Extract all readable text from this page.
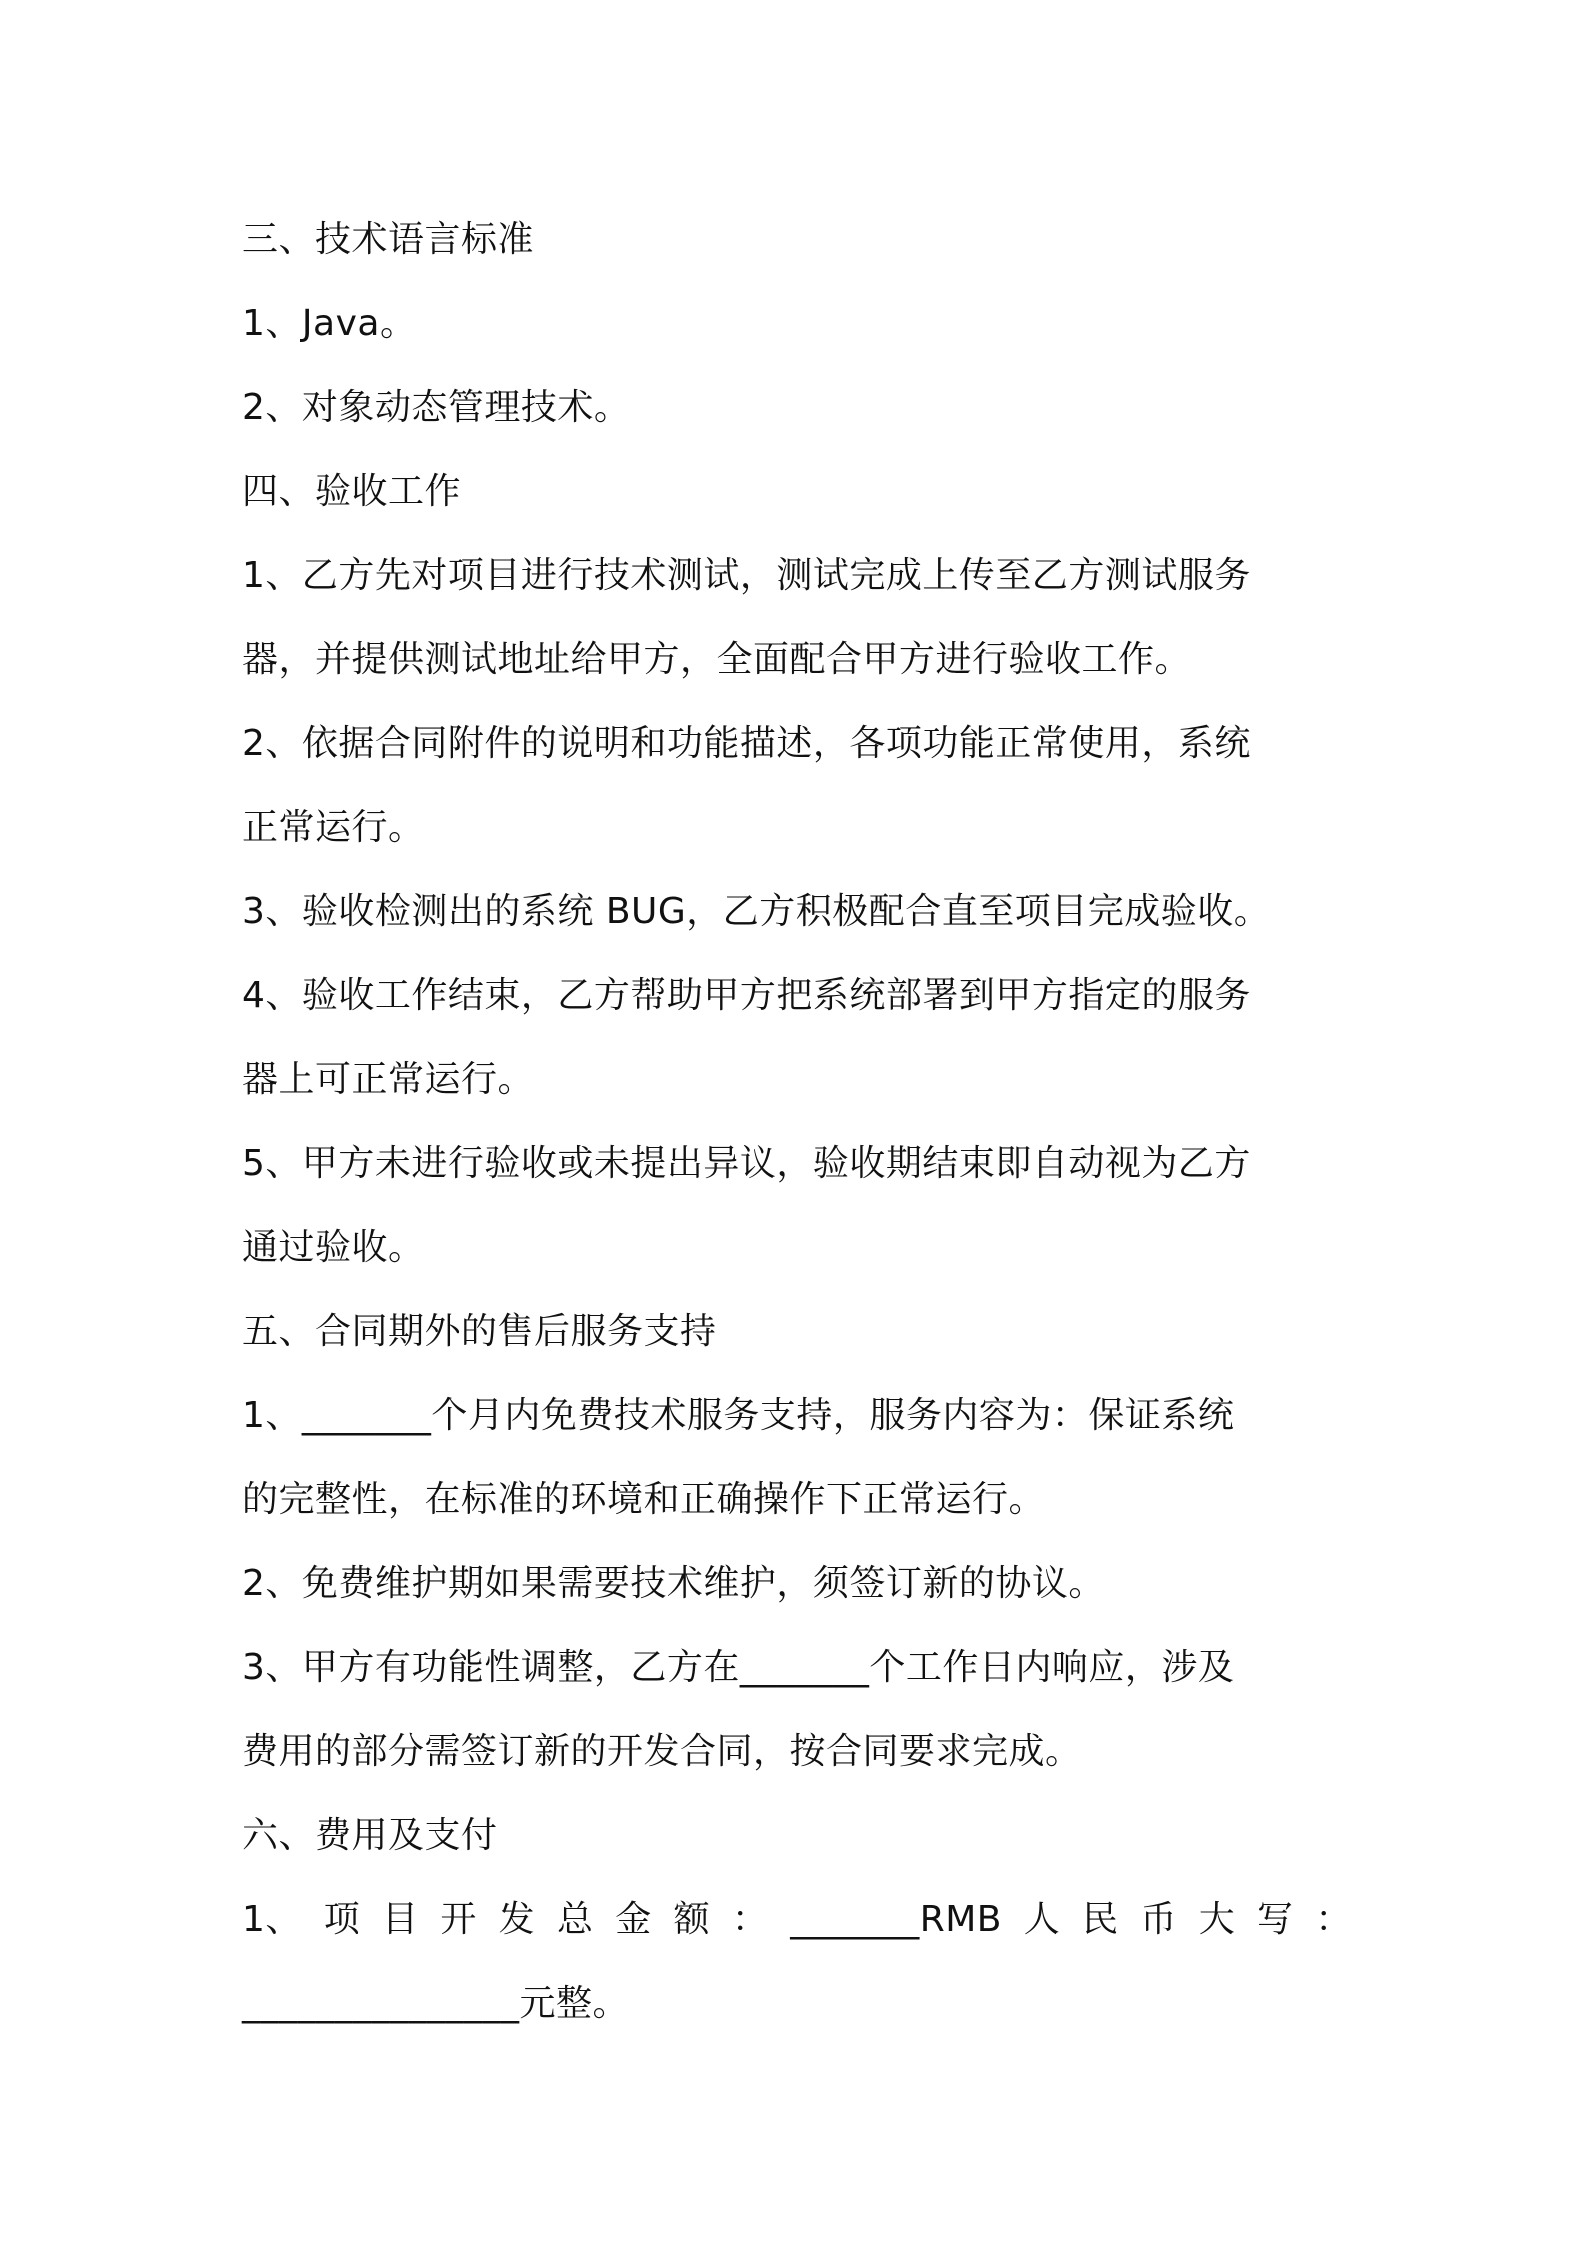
三、技术语言标准
1、Java。
2、对象动态管理技术。
四、验收工作
1、乙方先对项目进行技术测试，测试完成上传至乙方测试服务
器，并提供测试地址给甲方，全面配合甲方进行验收工作。
2、依据合同附件的说明和功能描述，各项功能正常使用，系统
正常运行。
3、验收检测出的系统 BUG，乙方积极配合直至项目完成验收。
4、验收工作结束，乙方帮助甲方把系统部署到甲方指定的服务
器上可正常运行。
5、甲方未进行验收或未提出异议，验收期结束即自动视为乙方
通过验收。
五、合同期外的售后服务支持
1、_______个月内免费技术服务支持，服务内容为：保证系统
的完整性，在标准的环境和正确操作下正常运行。
2、免费维护期如果需要技术维护，须签订新的协议。
3、甲方有功能性调整，乙方在_______个工作日内响应，涉及
费用的部分需签订新的开发合同，按合同要求完成。
六、费用及支付
1、 项 目 开 发 总 金 额 ： _______RMB 人 民 币 大 写 ：
_______________元整。
